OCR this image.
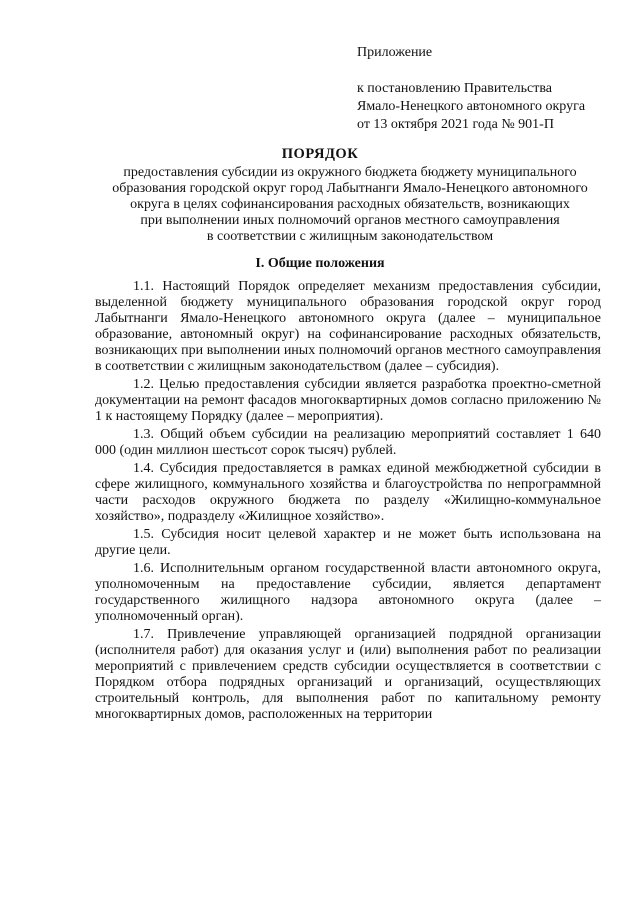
Приложение
к постановлению Правительства
Ямало-Ненецкого автономного округа
от 13 октября 2021 года № 901-П
ПОРЯДОК
предоставления субсидии из окружного бюджета бюджету муниципального
образования городской округ город Лабытнанги Ямало-Ненецкого автономного
округа в целях софинансирования расходных обязательств, возникающих
при выполнении иных полномочий органов местного самоуправления
в соответствии с жилищным законодательством
I. Общие положения

1.1. Настоящий Порядок определяет механизм предоставления субсидии, выделенной бюджету муниципального образования городской округ город Лабытнанги Ямало-Ненецкого автономного округа (далее – муниципальное образование, автономный округ) на софинансирование расходных обязательств, возникающих при выполнении иных полномочий органов местного самоуправления в соответствии с жилищным законодательством (далее – субсидия).

1.2. Целью предоставления субсидии является разработка проектно-сметной документации на ремонт фасадов многоквартирных домов согласно приложению № 1 к настоящему Порядку (далее – мероприятия).

1.3. Общий объем субсидии на реализацию мероприятий составляет 1 640 000 (один миллион шестьсот сорок тысяч) рублей.

1.4. Субсидия предоставляется в рамках единой межбюджетной субсидии в сфере жилищного, коммунального хозяйства и благоустройства по непрограммной части расходов окружного бюджета по разделу «Жилищно-коммунальное хозяйство», подразделу «Жилищное хозяйство».

1.5. Субсидия носит целевой характер и не может быть использована на другие цели.

1.6. Исполнительным органом государственной власти автономного округа, уполномоченным на предоставление субсидии, является департамент государственного жилищного надзора автономного округа (далее – уполномоченный орган).

1.7. Привлечение управляющей организацией подрядной организации (исполнителя работ) для оказания услуг и (или) выполнения работ по реализации мероприятий с привлечением средств субсидии осуществляется в соответствии с Порядком отбора подрядных организаций и организаций, осуществляющих строительный контроль, для выполнения работ по капитальному ремонту многоквартирных домов, расположенных на территории
